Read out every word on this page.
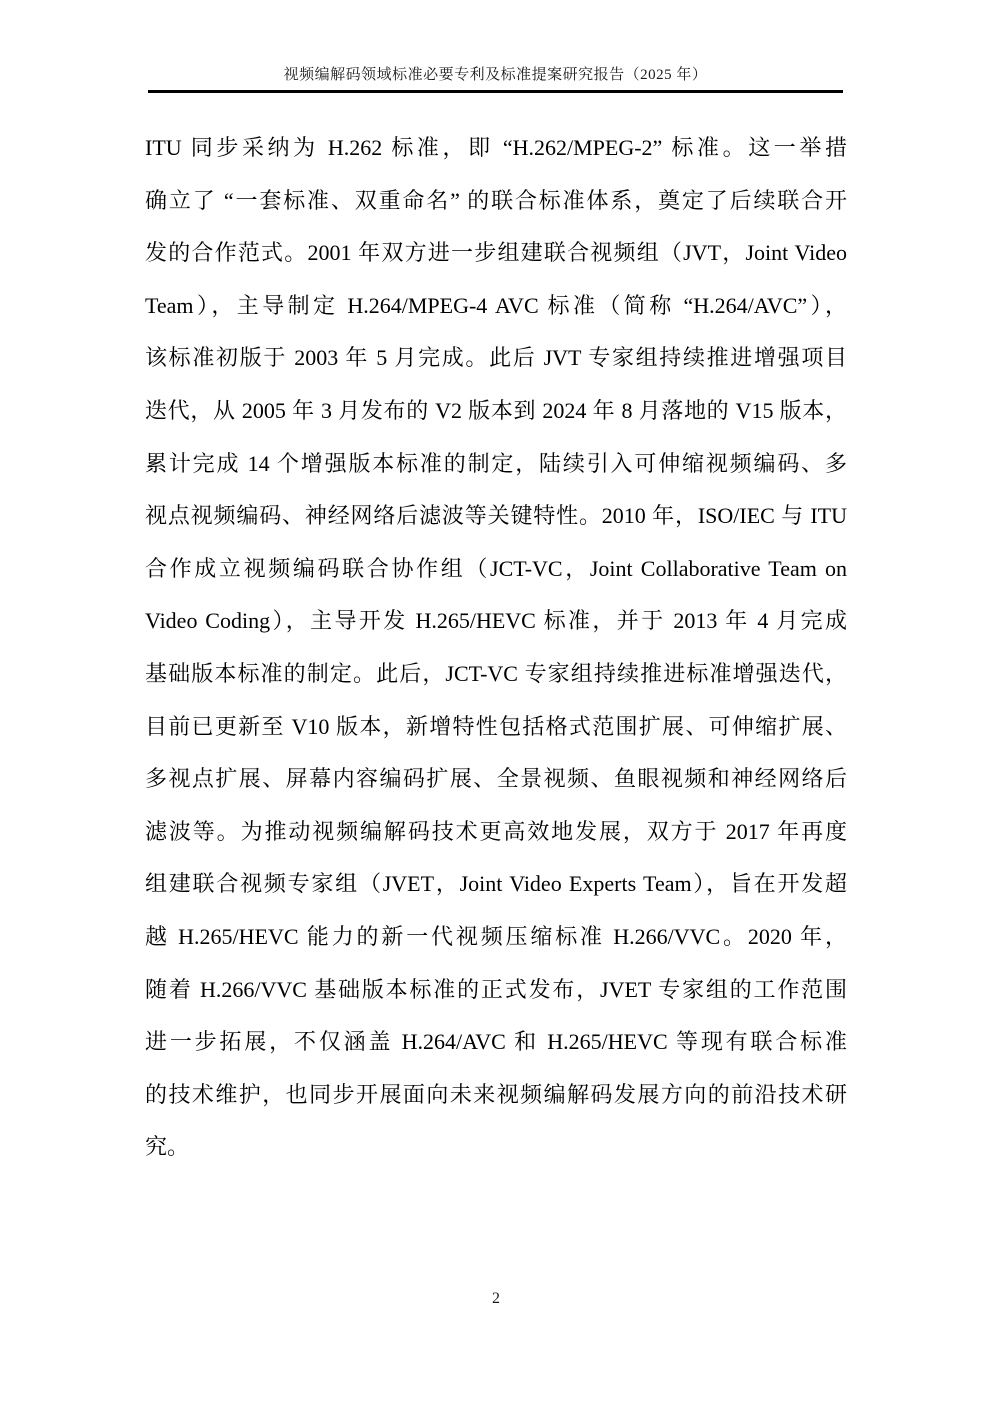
视频编解码领域标准必要专利及标准提案研究报告（2025 年）
ITU 同步采纳为 H.262 标准，即 “H.262/MPEG-2” 标准。这一举措
确立了 “一套标准、双重命名” 的联合标准体系，奠定了后续联合开
发的合作范式。2001 年双方进一步组建联合视频组（JVT，Joint Video
Team），主导制定 H.264/MPEG-4 AVC 标准（简称 “H.264/AVC”），
该标准初版于 2003 年 5 月完成。此后 JVT 专家组持续推进增强项目
迭代，从 2005 年 3 月发布的 V2 版本到 2024 年 8 月落地的 V15 版本，
累计完成 14 个增强版本标准的制定，陆续引入可伸缩视频编码、多
视点视频编码、神经网络后滤波等关键特性。2010 年，ISO/IEC 与 ITU
合作成立视频编码联合协作组（JCT-VC，Joint Collaborative Team on
Video Coding），主导开发 H.265/HEVC 标准，并于 2013 年 4 月完成
基础版本标准的制定。此后，JCT-VC 专家组持续推进标准增强迭代，
目前已更新至 V10 版本，新增特性包括格式范围扩展、可伸缩扩展、
多视点扩展、屏幕内容编码扩展、全景视频、鱼眼视频和神经网络后
滤波等。为推动视频编解码技术更高效地发展，双方于 2017 年再度
组建联合视频专家组（JVET，Joint Video Experts Team），旨在开发超
越 H.265/HEVC 能力的新一代视频压缩标准 H.266/VVC。2020 年，
随着 H.266/VVC 基础版本标准的正式发布，JVET 专家组的工作范围
进一步拓展，不仅涵盖 H.264/AVC 和 H.265/HEVC 等现有联合标准
的技术维护，也同步开展面向未来视频编解码发展方向的前沿技术研
究。
2
